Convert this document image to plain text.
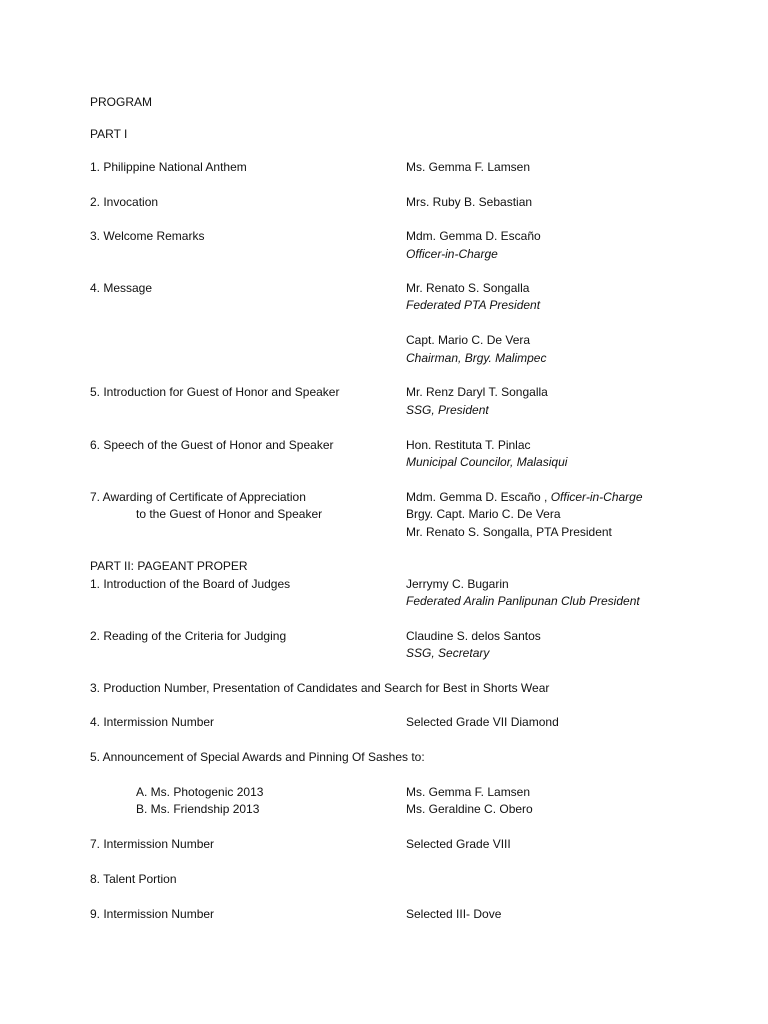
PROGRAM
PART I
1. Philippine National Anthem	Ms. Gemma F. Lamsen
2. Invocation	Mrs. Ruby B. Sebastian
3. Welcome Remarks	Mdm. Gemma D. Escaño
Officer-in-Charge
4. Message	Mr. Renato S. Songalla
Federated PTA President
Capt. Mario C. De Vera
Chairman, Brgy. Malimpec
5. Introduction for Guest of Honor and Speaker	Mr. Renz Daryl T. Songalla
SSG, President
6. Speech of the Guest of Honor and Speaker	Hon. Restituta T. Pinlac
Municipal Councilor, Malasiqui
7. Awarding of Certificate of Appreciation
to the Guest of Honor and Speaker
Mdm. Gemma D. Escaño , Officer-in-Charge
Brgy. Capt. Mario C. De Vera
Mr. Renato S. Songalla, PTA President
PART II: PAGEANT PROPER
1. Introduction of the Board of Judges	Jerrymy C. Bugarin
Federated Aralin Panlipunan Club President
2. Reading of the Criteria for Judging	Claudine S. delos Santos
SSG, Secretary
3. Production Number, Presentation of Candidates and Search for Best in Shorts Wear
4. Intermission Number	Selected Grade VII Diamond
5. Announcement of Special Awards and Pinning Of Sashes to:
A. Ms. Photogenic 2013	Ms. Gemma F. Lamsen
B. Ms. Friendship 2013	Ms. Geraldine C. Obero
7. Intermission Number	Selected Grade VIII
8. Talent Portion
9. Intermission Number	Selected III- Dove
